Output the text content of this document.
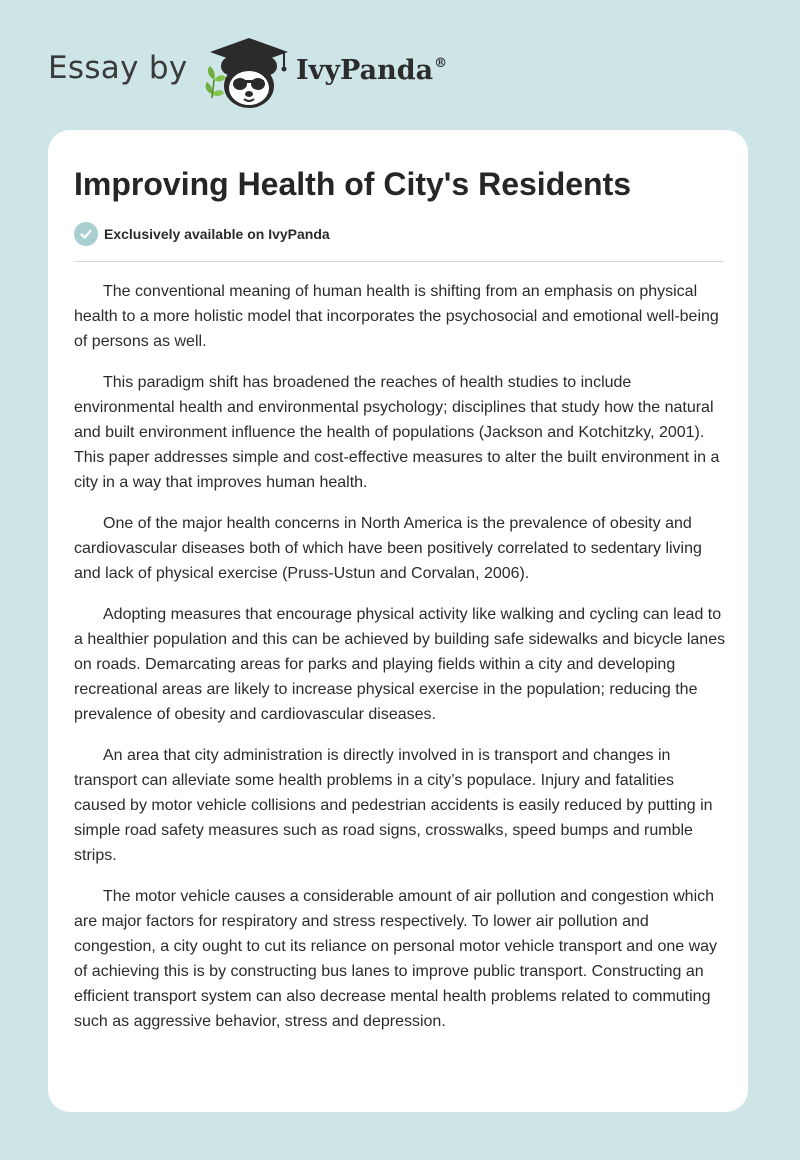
Essay by	IvyPanda®
Improving Health of City's Residents
Exclusively available on IvyPanda

The conventional meaning of human health is shifting from an emphasis on physical health to a more holistic model that incorporates the psychosocial and emotional well-being of persons as well.

This paradigm shift has broadened the reaches of health studies to include environmental health and environmental psychology; disciplines that study how the natural and built environment influence the health of populations (Jackson and Kotchitzky, 2001). This paper addresses simple and cost-effective measures to alter the built environment in a city in a way that improves human health.

One of the major health concerns in North America is the prevalence of obesity and cardiovascular diseases both of which have been positively correlated to sedentary living and lack of physical exercise (Pruss-Ustun and Corvalan, 2006).

Adopting measures that encourage physical activity like walking and cycling can lead to a healthier population and this can be achieved by building safe sidewalks and bicycle lanes on roads. Demarcating areas for parks and playing fields within a city and developing recreational areas are likely to increase physical exercise in the population; reducing the prevalence of obesity and cardiovascular diseases.

An area that city administration is directly involved in is transport and changes in transport can alleviate some health problems in a city’s populace. Injury and fatalities caused by motor vehicle collisions and pedestrian accidents is easily reduced by putting in simple road safety measures such as road signs, crosswalks, speed bumps and rumble strips.

The motor vehicle causes a considerable amount of air pollution and congestion which are major factors for respiratory and stress respectively. To lower air pollution and congestion, a city ought to cut its reliance on personal motor vehicle transport and one way of achieving this is by constructing bus lanes to improve public transport. Constructing an efficient transport system can also decrease mental health problems related to commuting such as aggressive behavior, stress and depression.
